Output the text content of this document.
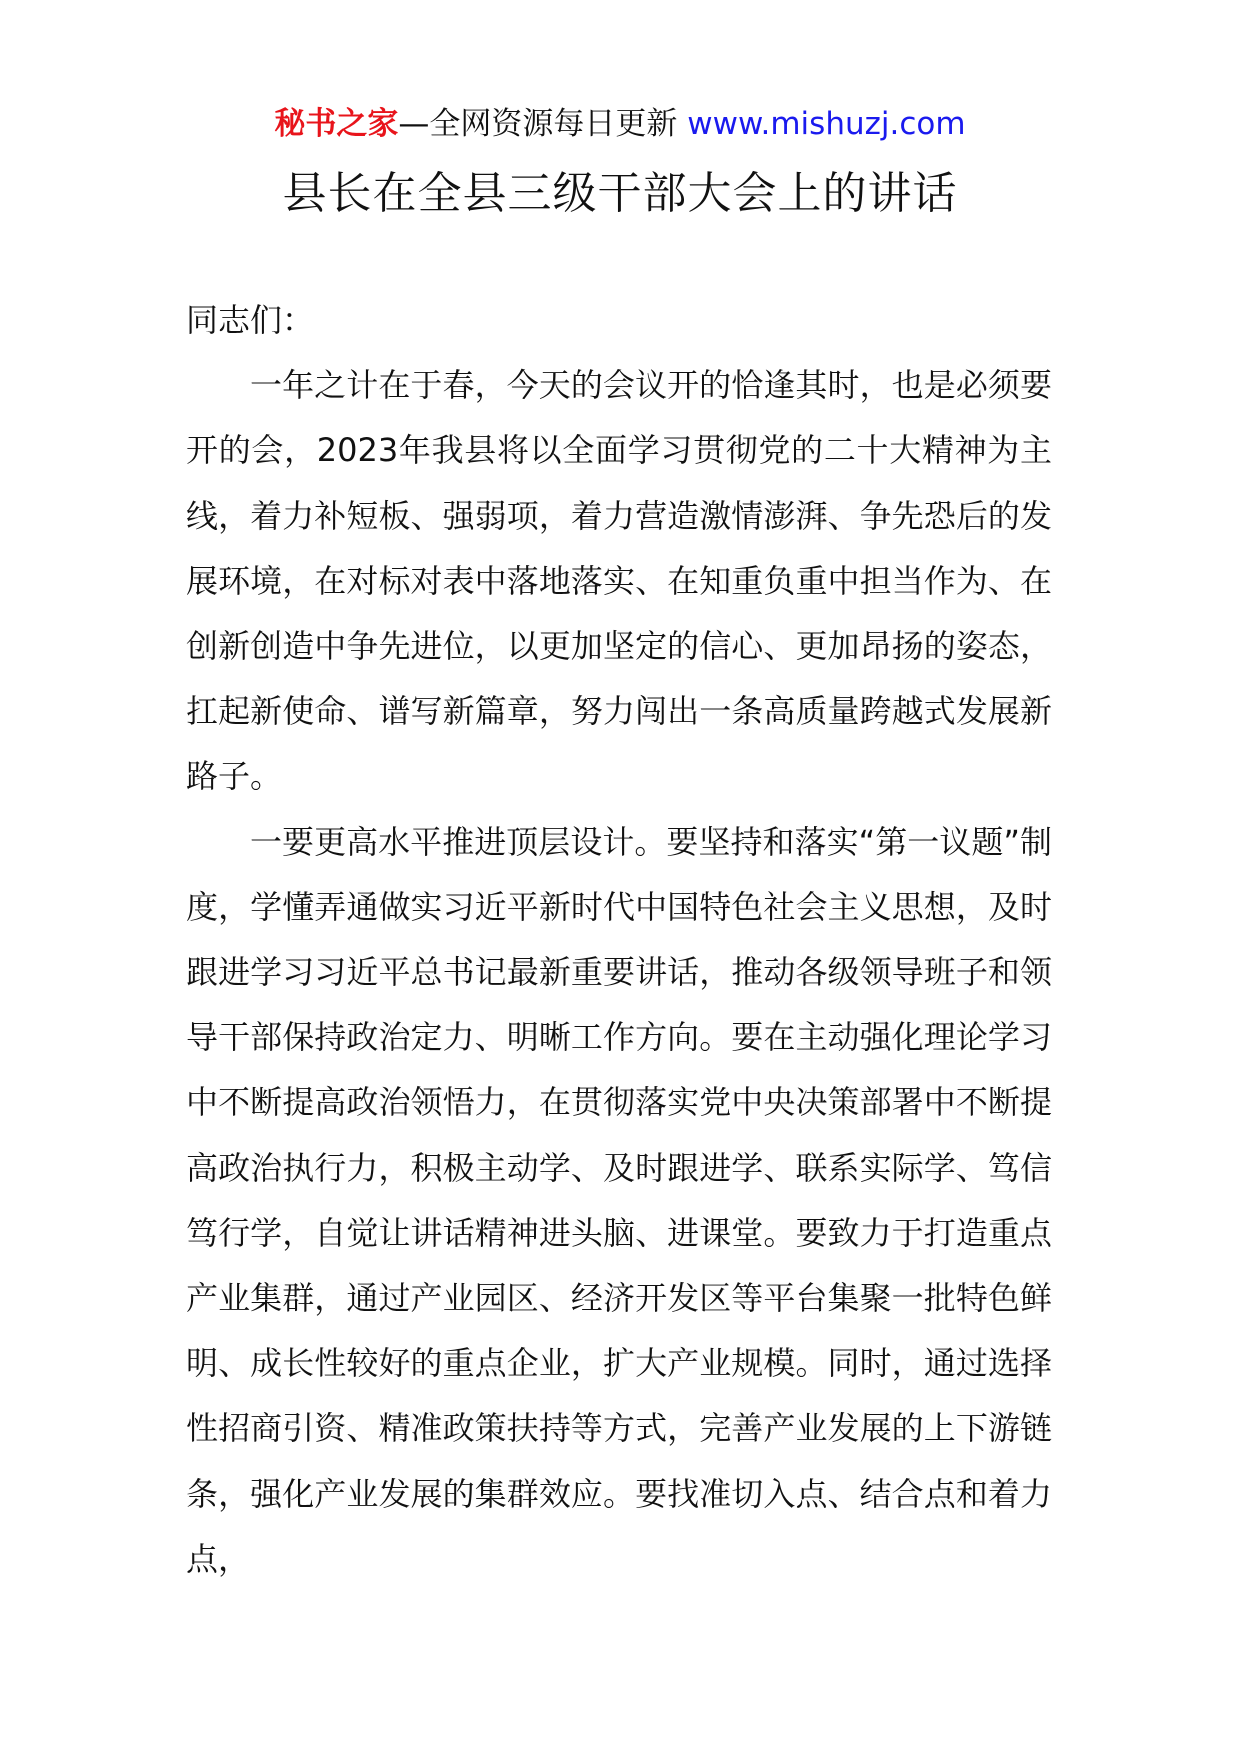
秘书之家—全网资源每日更新 www.mishuzj.com
县长在全县三级干部大会上的讲话

同志们：

一年之计在于春，今天的会议开的恰逢其时，也是必须要开的会，2023年我县将以全面学习贯彻党的二十大精神为主线，着力补短板、强弱项，着力营造激情澎湃、争先恐后的发展环境，在对标对表中落地落实、在知重负重中担当作为、在创新创造中争先进位，以更加坚定的信心、更加昂扬的姿态，扛起新使命、谱写新篇章，努力闯出一条高质量跨越式发展新路子。

一要更高水平推进顶层设计。要坚持和落实“第一议题”制度，学懂弄通做实习近平新时代中国特色社会主义思想，及时跟进学习习近平总书记最新重要讲话，推动各级领导班子和领导干部保持政治定力、明晰工作方向。要在主动强化理论学习中不断提高政治领悟力，在贯彻落实党中央决策部署中不断提高政治执行力，积极主动学、及时跟进学、联系实际学、笃信笃行学，自觉让讲话精神进头脑、进课堂。要致力于打造重点产业集群，通过产业园区、经济开发区等平台集聚一批特色鲜明、成长性较好的重点企业，扩大产业规模。同时，通过选择性招商引资、精准政策扶持等方式，完善产业发展的上下游链条，强化产业发展的集群效应。要找准切入点、结合点和着力点，
